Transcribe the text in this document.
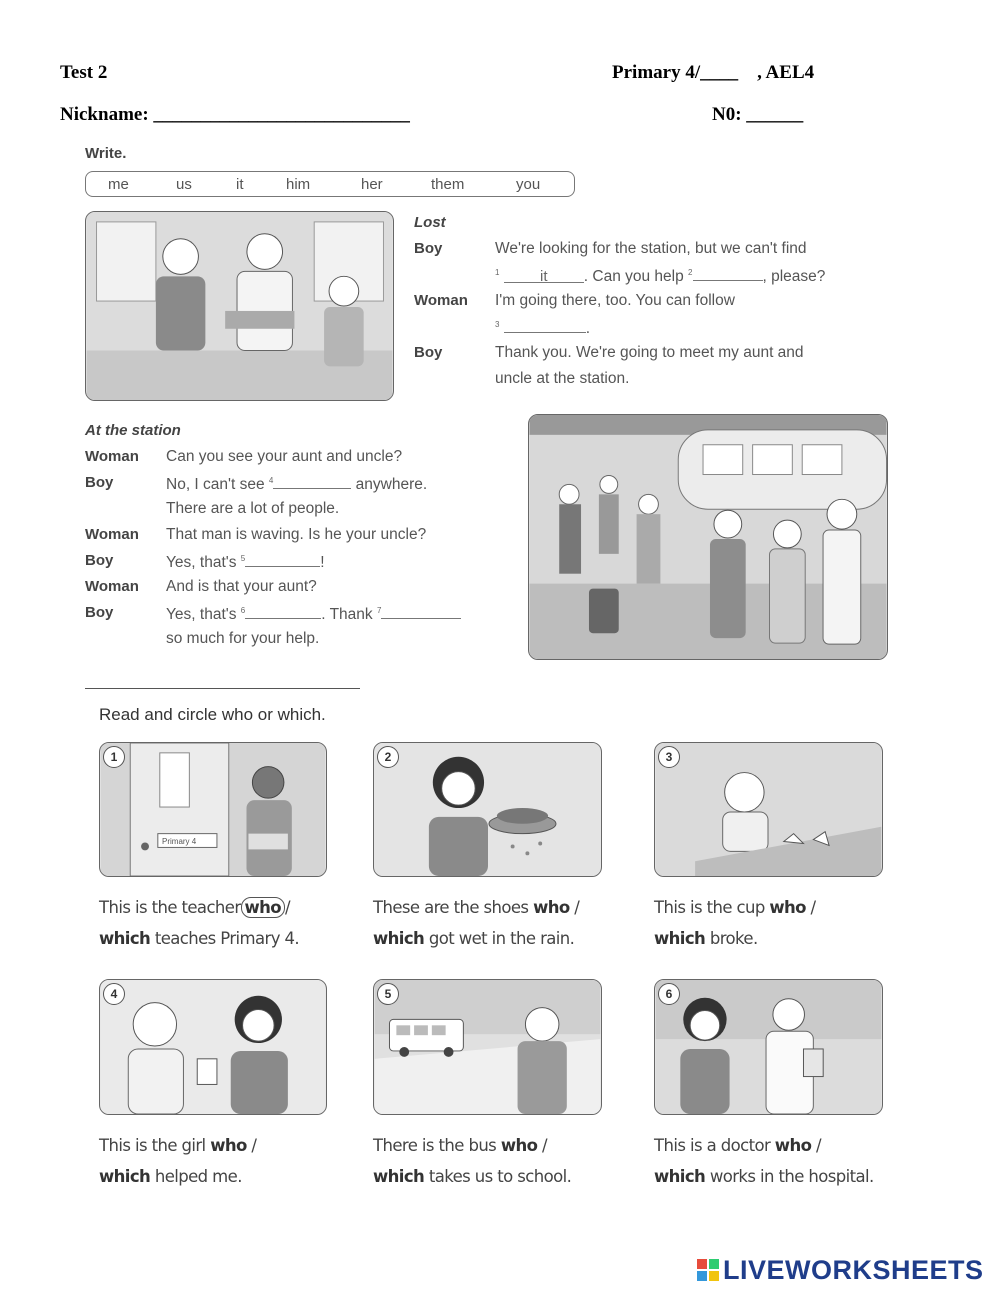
Test 2	Primary 4/____    , AEL4
Nickname: ___________________________	N0: ______
Write.
me	us	it	him	her	them	you
Lost
Boy	We're looking for the station, but we can't find
$^1$	it . Can you help $^2$	, please?
Woman I'm going there, too. You can follow
$^3$	.
Boy	Thank you. We're going to meet my aunt and
uncle at the station.
At the station
Woman Can you see your aunt and uncle?
Boy	No, I can't see $^4$	anywhere.
There are a lot of people.
Woman That man is waving. Is he your uncle?
Boy	Yes, that's $^5$	!
Woman And is that your aunt?
Boy	Yes, that's $^6$	. Thank $^7$
so much for your help.
Read and circle who or which.
1
Primary 4
This is the teacher who /
which teaches Primary 4.
2
These are the shoes who /
which got wet in the rain.
3
This is the cup who /
which broke.
4
This is the girl who /
which helped me.
5
There is the bus who /
which takes us to school.
6
This is a doctor who /
which works in the hospital.
LIVEWORKSHEETS
